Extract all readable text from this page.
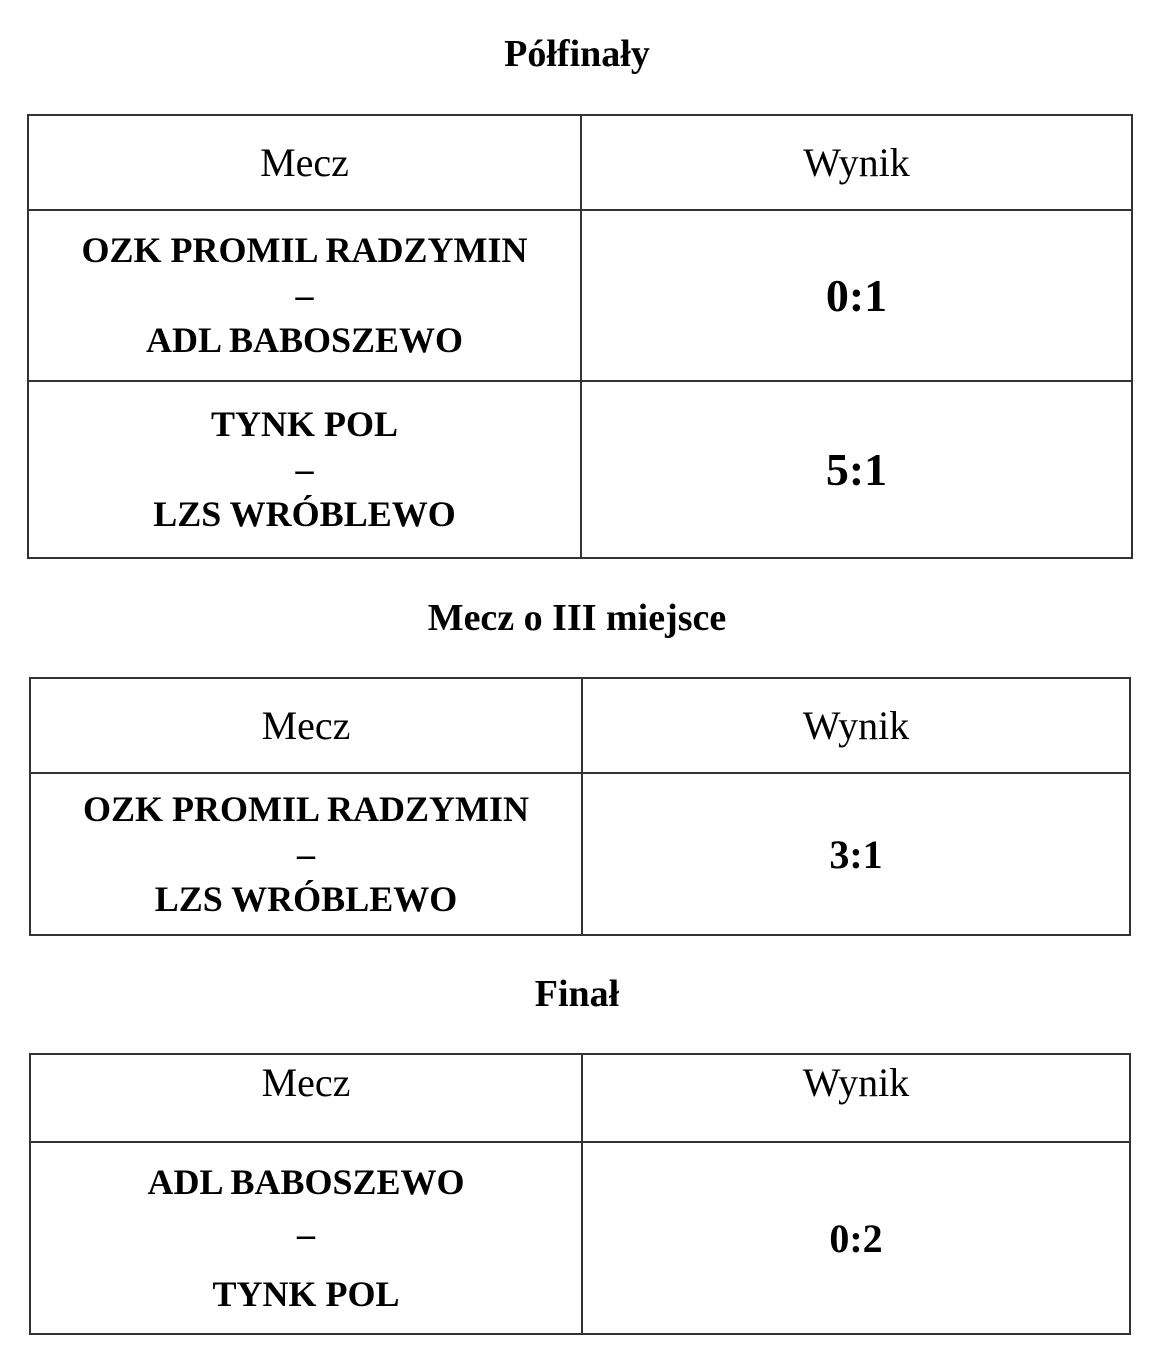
Półfinały
Mecz	Wynik

OZK PROMIL RADZYMIN
–
ADL BABOSZEWO	0:1

TYNK POL
–
LZS WRÓBLEWO	5:1
Mecz o III miejsce
Mecz	Wynik

OZK PROMIL RADZYMIN
–
LZS WRÓBLEWO	3:1
Finał
Mecz	Wynik

ADL BABOSZEWO
–
TYNK POL	0:2
